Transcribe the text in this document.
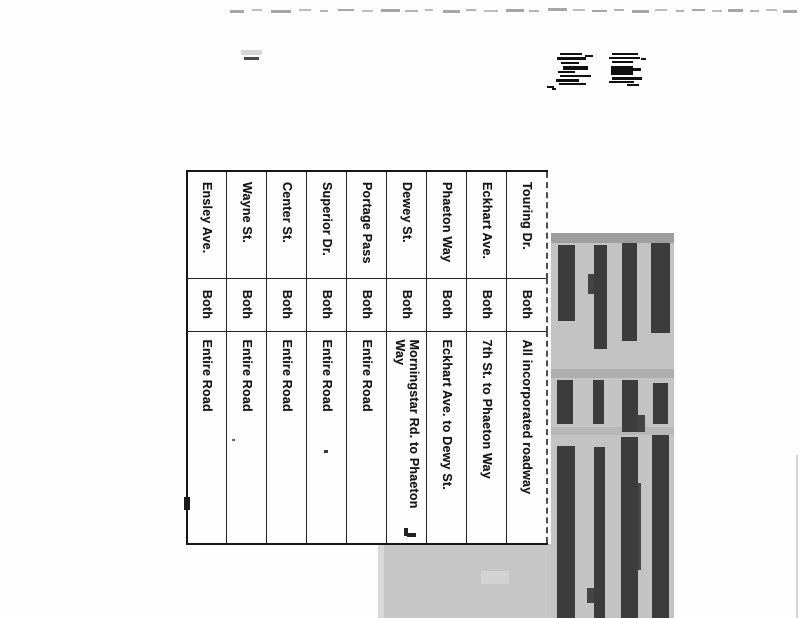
Touring Dr.	Both	All incorporated roadway
Eckhart Ave.	Both	7th St. to Phaeton Way
Phaeton Way	Both	Eckhart Ave. to Dewy St.
Dewey St.	Both	Morningstar Rd. to Phaeton Way
Portage Pass	Both	Entire Road
Superior Dr.	Both	Entire Road
Center St.	Both	Entire Road
Wayne St.	Both	Entire Road
Ensley Ave.	Both	Entire Road
